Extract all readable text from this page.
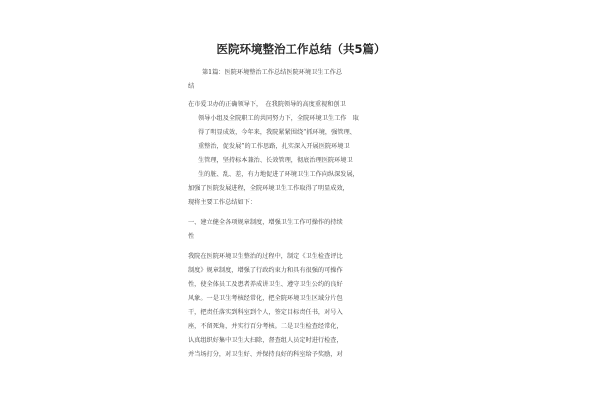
医院环境整治工作总结（共5篇）
第1篇：医院环境整治工作总结医院环境卫生工作总
结
在市爱卫办的正确领导下，　在我院领导的高度重视和创卫
领导小组及全院职工的共同努力下，全院环境卫生工作　取
得了明显成效，今年来，我院紧紧围绕“抓环境，强管理、
重整治，促发展”的工作思路，扎实深入开展医院环境卫
生管理，坚持标本兼治、长效管理，彻底治理医院环境卫
生的脏、乱、差，有力地促进了环境卫生工作向纵深发展，
加强了医院发展进程，全院环境卫生工作取得了明显成效，
现将主要工作总结如下：
一、建立健全各项规章制度，增强卫生工作可操作的持续
性
我院在医院环境卫生整治的过程中，制定《卫生检查评比
制度》规章制度，增强了行政约束力和具有很强的可操作
性，使全体员工及患者养成讲卫生、遵守卫生公约的良好
风象。一是卫生考核经常化，把全院环境卫生区域分片包
干，把责任落实到科室到个人，签定目标责任书，对号入
座，不留死角，并实行百分考核。二是卫生检查经常化，
认真组织好集中卫生大扫除，督查组人员定时进行检查，
并当场打分，对卫生好、并保持良好的科室给予奖励，对
